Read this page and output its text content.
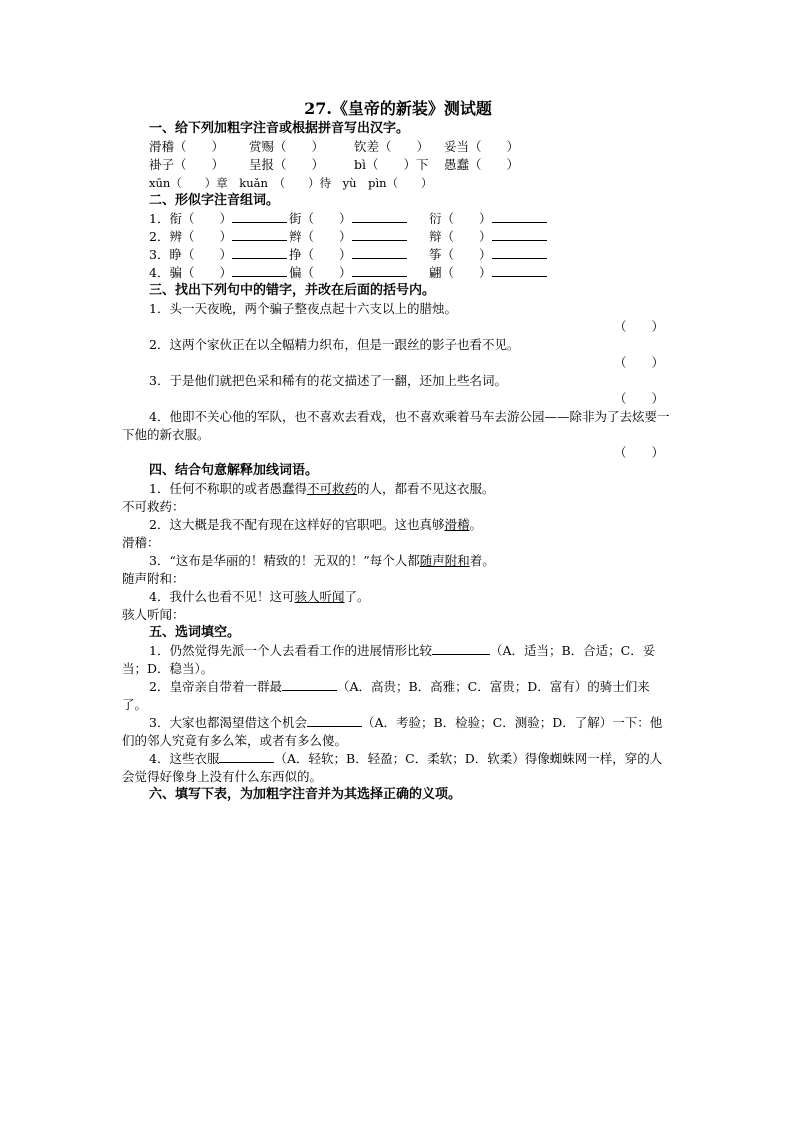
27.《皇帝的新装》测试题
一、给下列加粗字注音或根据拼音写出汉字。
滑稽（　　）	赏赐（　　）	钦差（　　）	妥当（　　）
褂子（　　）	呈报（　　）	bì（　　）下	愚蠢（　　）
xūn（　　）章　kuǎn　（　　）待　yù　pìn（　　）
二、形似字注音组词。
1．衔（　　）	街（　　）	衍（　　）
2．辨（　　）	辫（　　）	辩（　　）
3．睁（　　）	挣（　　）	筝（　　）
4．骗（　　）	偏（　　）	翩（　　）
三、找出下列句中的错字，并改在后面的括号内。
1．头一天夜晚，两个骗子整夜点起十六支以上的腊烛。
（　　）
2．这两个家伙正在以全幅精力织布，但是一跟丝的影子也看不见。
（　　）
3．于是他们就把色采和稀有的花文描述了一翻，还加上些名词。
（　　）
4．他即不关心他的军队，也不喜欢去看戏，也不喜欢乘着马车去游公园——除非为了去炫要一下他的新衣服。
（　　）
四、结合句意解释加线词语。
1．任何不称职的或者愚蠢得不可救药的人，都看不见这衣服。
不可救药：
2．这大概是我不配有现在这样好的官职吧。这也真够滑稽。
滑稽：
3．“这布是华丽的！精致的！无双的！”每个人都随声附和着。
随声附和：
4．我什么也看不见！这可骇人听闻了。
骇人听闻：
五、选词填空。
1．仍然觉得先派一个人去看看工作的进展情形比较	（A．适当；B．合适；C．妥当；D．稳当）。
2．皇帝亲自带着一群最	（A．高贵；B．高雅；C．富贵；D．富有）的骑士们来了。
3．大家也都渴望借这个机会	（A．考验；B．检验；C．测验；D．了解）一下：他们的邻人究竟有多么笨，或者有多么傻。
4．这些衣服	（A．轻软；B．轻盈；C．柔软；D．软柔）得像蜘蛛网一样，穿的人会觉得好像身上没有什么东西似的。
六、填写下表，为加粗字注音并为其选择正确的义项。
